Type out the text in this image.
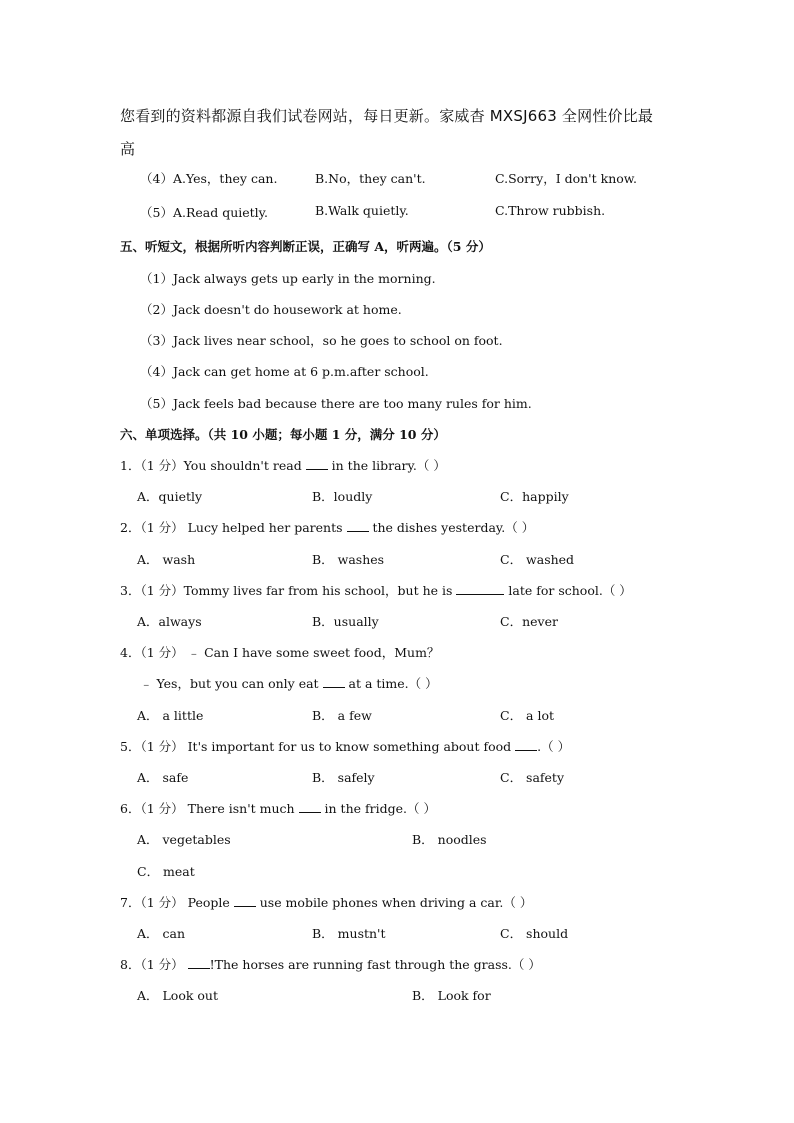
您看到的资料都源自我们试卷网站，每日更新。家威杳 MXSJ663 全网性价比最
高
（4）A.Yes，they can.	B.No，they can't.	C.Sorry，I don't know.
（5）A.Read quietly.	B.Walk quietly.	C.Throw rubbish.
五、听短文，根据所听内容判断正误，正确写 A，听两遍。（5 分）
（1）Jack always gets up early in the morning.
（2）Jack doesn't do housework at home.
（3）Jack lives near school，so he goes to school on foot.
（4）Jack can get home at 6 p.m.after school.
（5）Jack feels bad because there are too many rules for him.
六、单项选择。（共 10 小题；每小题 1 分，满分 10 分）
1．（1 分）You shouldn't read  in the library.（ ）
A．quietly	B．loudly	C．happily
2．（1 分） Lucy helped her parents  the dishes yesterday.（ ）
A． wash	B． washes	C． washed
3．（1 分）Tommy lives far from his school，but he is	late for school.（ ）
A．always	B．usually	C．never
4．（1 分） ﹣ Can I have some sweet food，Mum？
﹣ Yes，but you can only eat  at a time.（ ）
A． a little	B． a few	C． a lot
5．（1 分） It's important for us to know something about food .（ ）
A． safe	B． safely	C． safety
6．（1 分） There isn't much  in the fridge.（ ）
A． vegetables	B． noodles
C． meat
7．（1 分） People  use mobile phones when driving a car.（ ）
A． can	B． mustn't	C． should
8．（1 分） !The horses are running fast through the grass.（ ）
A． Look out	B． Look for
